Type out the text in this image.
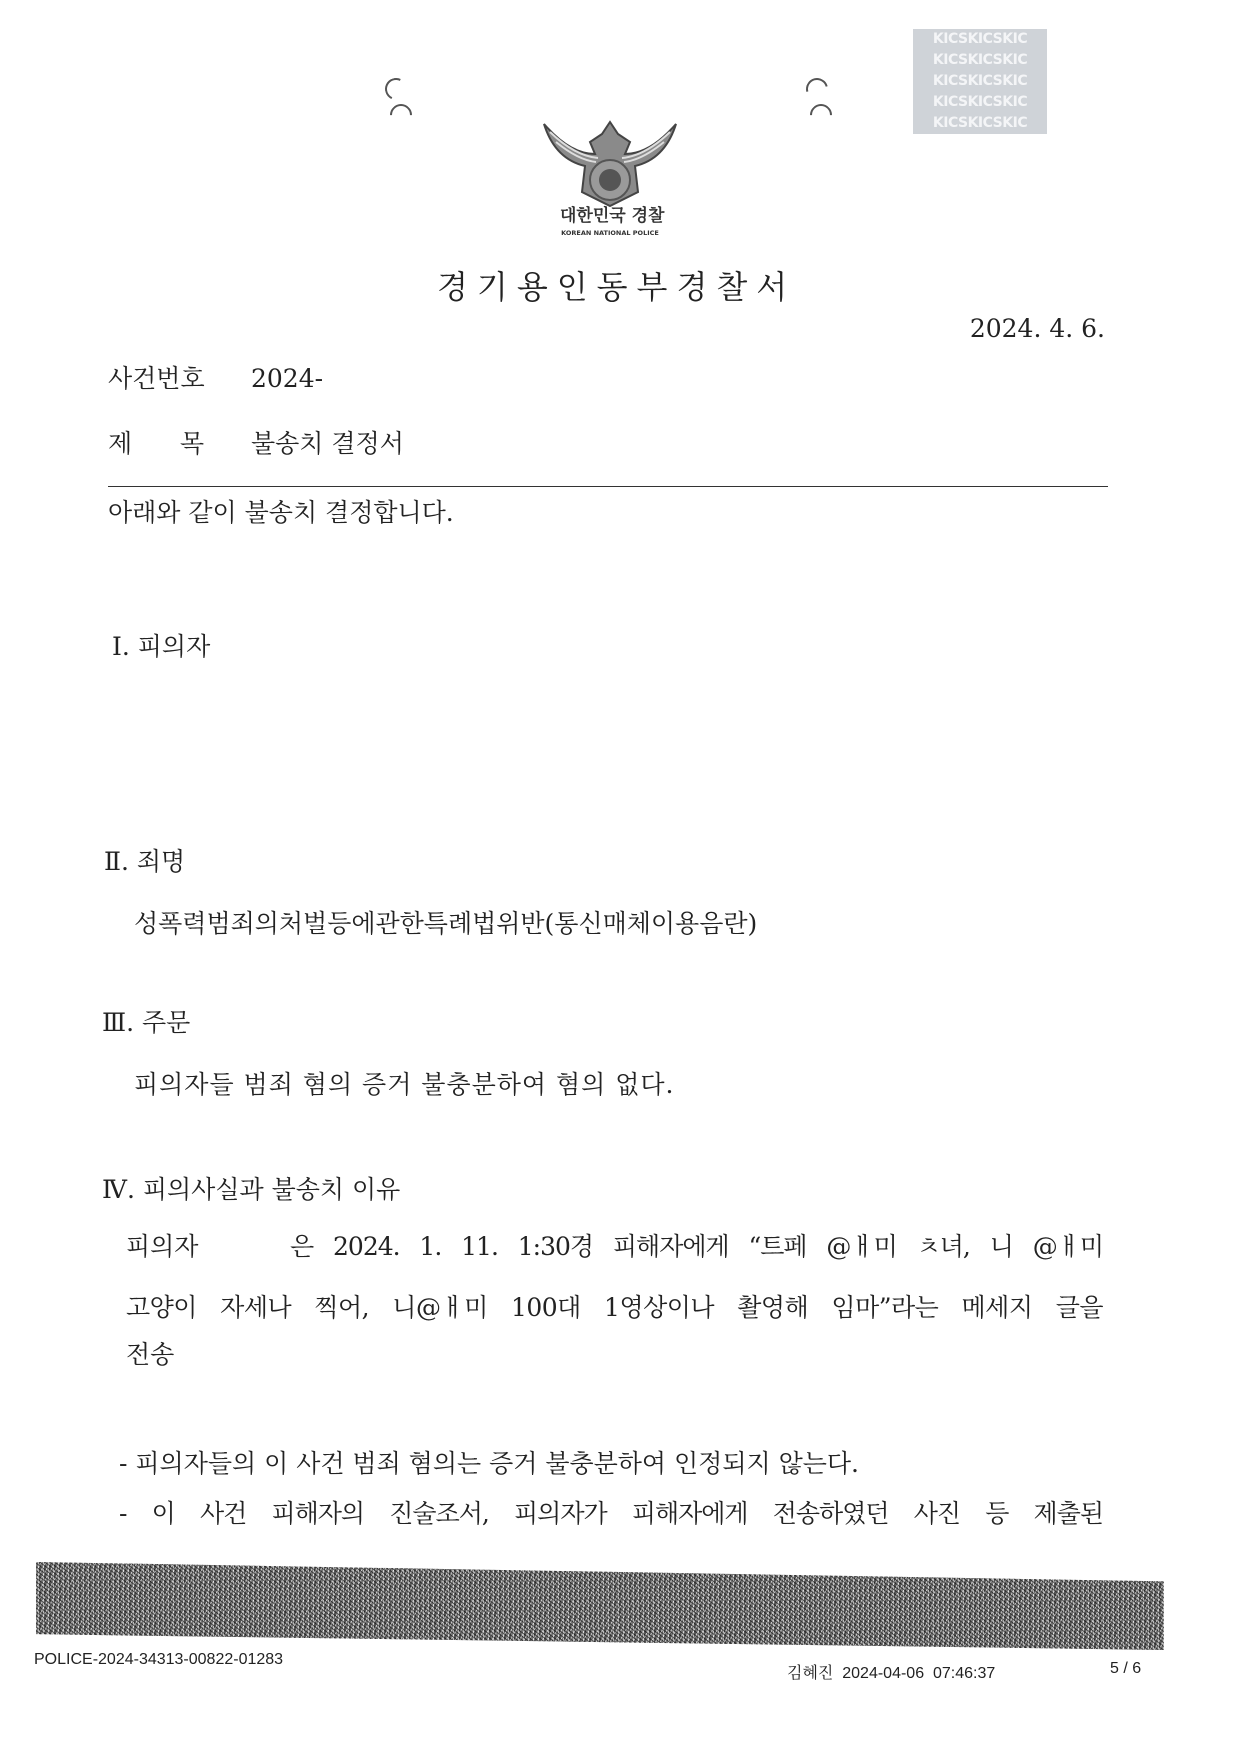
KICSKICSKIC
KICSKICSKIC
KICSKICSKIC
KICSKICSKIC
KICSKICSKIC
대한민국 경찰
KOREAN NATIONAL POLICE
경기용인동부경찰서
2024. 4. 6.
사건번호 2024-
제      목 불송치 결정서
아래와 같이 불송치 결정합니다.
Ⅰ. 피의자
Ⅱ. 죄명
성폭력범죄의처벌등에관한특례법위반(통신매체이용음란)
Ⅲ. 주문
피의자들 범죄 혐의 증거 불충분하여 혐의 없다.
Ⅳ. 피의사실과 불송치 이유
피의자	은 2024. 1. 11. 1:30경 피해자에게 “트페 @ㅐ미 ㅊ녀, 니 @ㅐ미
고양이 자세나 찍어, 니@ㅐ미 100대 1영상이나 촬영해 임마”라는 메세지 글을
전송
- 피의자들의 이 사건 범죄 혐의는 증거 불충분하여 인정되지 않는다.
- 이 사건 피해자의 진술조서, 피의자가 피해자에게 전송하였던 사진 등 제출된
POLICE-2024-34313-00822-01283
김혜진  2024-04-06  07:46:37	5 / 6
